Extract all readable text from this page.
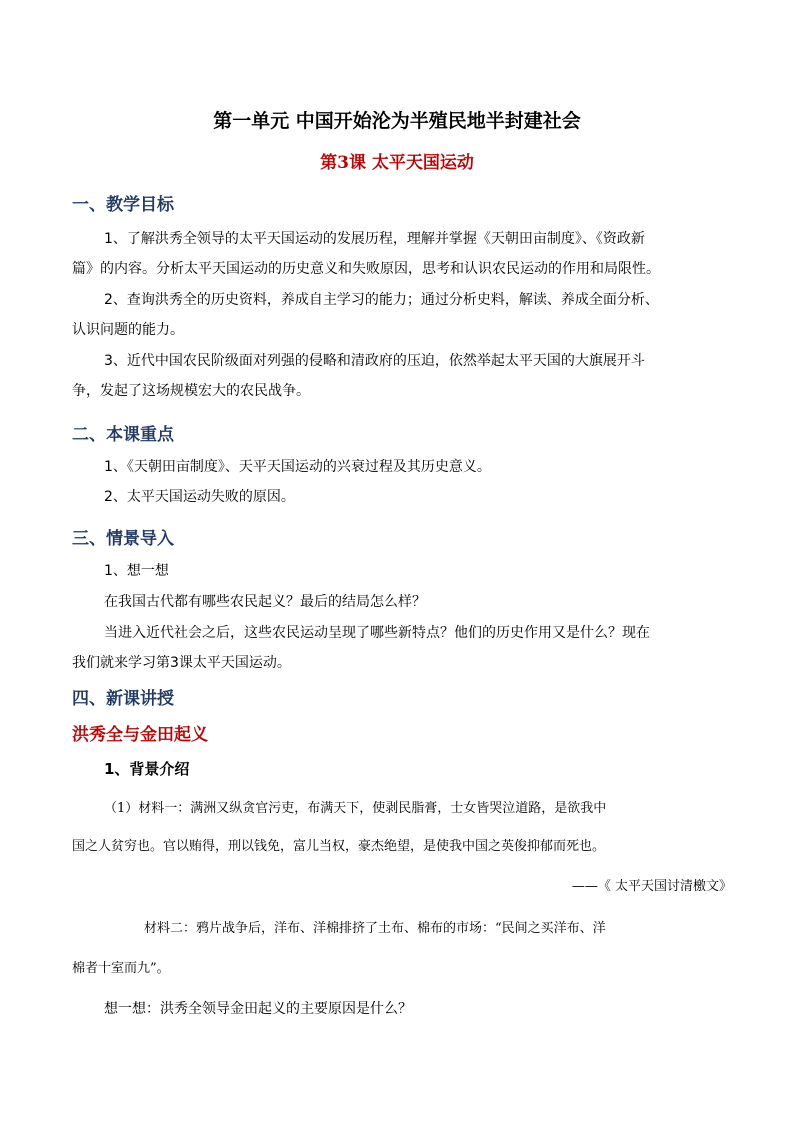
第一单元 中国开始沦为半殖民地半封建社会
第3课 太平天国运动
一、教学目标
1、了解洪秀全领导的太平天国运动的发展历程，理解并掌握《天朝田亩制度》、《资政新
篇》的内容。分析太平天国运动的历史意义和失败原因，思考和认识农民运动的作用和局限性。
2、查询洪秀全的历史资料，养成自主学习的能力；通过分析史料，解读、养成全面分析、
认识问题的能力。
3、近代中国农民阶级面对列强的侵略和清政府的压迫，依然举起太平天国的大旗展开斗
争，发起了这场规模宏大的农民战争。
二、本课重点
1、《天朝田亩制度》、天平天国运动的兴衰过程及其历史意义。
2、太平天国运动失败的原因。
三、情景导入
1、想一想
在我国古代都有哪些农民起义？最后的结局怎么样？
当进入近代社会之后，这些农民运动呈现了哪些新特点？他们的历史作用又是什么？现在
我们就来学习第3课太平天国运动。
四、新课讲授
洪秀全与金田起义
1、背景介绍
（1）材料一：满洲又纵贪官污吏，布满天下，使剥民脂膏，士女皆哭泣道路，是欲我中
国之人贫穷也。官以贿得，刑以钱免，富儿当权，豪杰绝望，是使我中国之英俊抑郁而死也。
——《 太平天国讨清檄文》
材料二：鸦片战争后，洋布、洋棉排挤了土布、棉布的市场：“民间之买洋布、洋
棉者十室而九”。
想一想：洪秀全领导金田起义的主要原因是什么？
